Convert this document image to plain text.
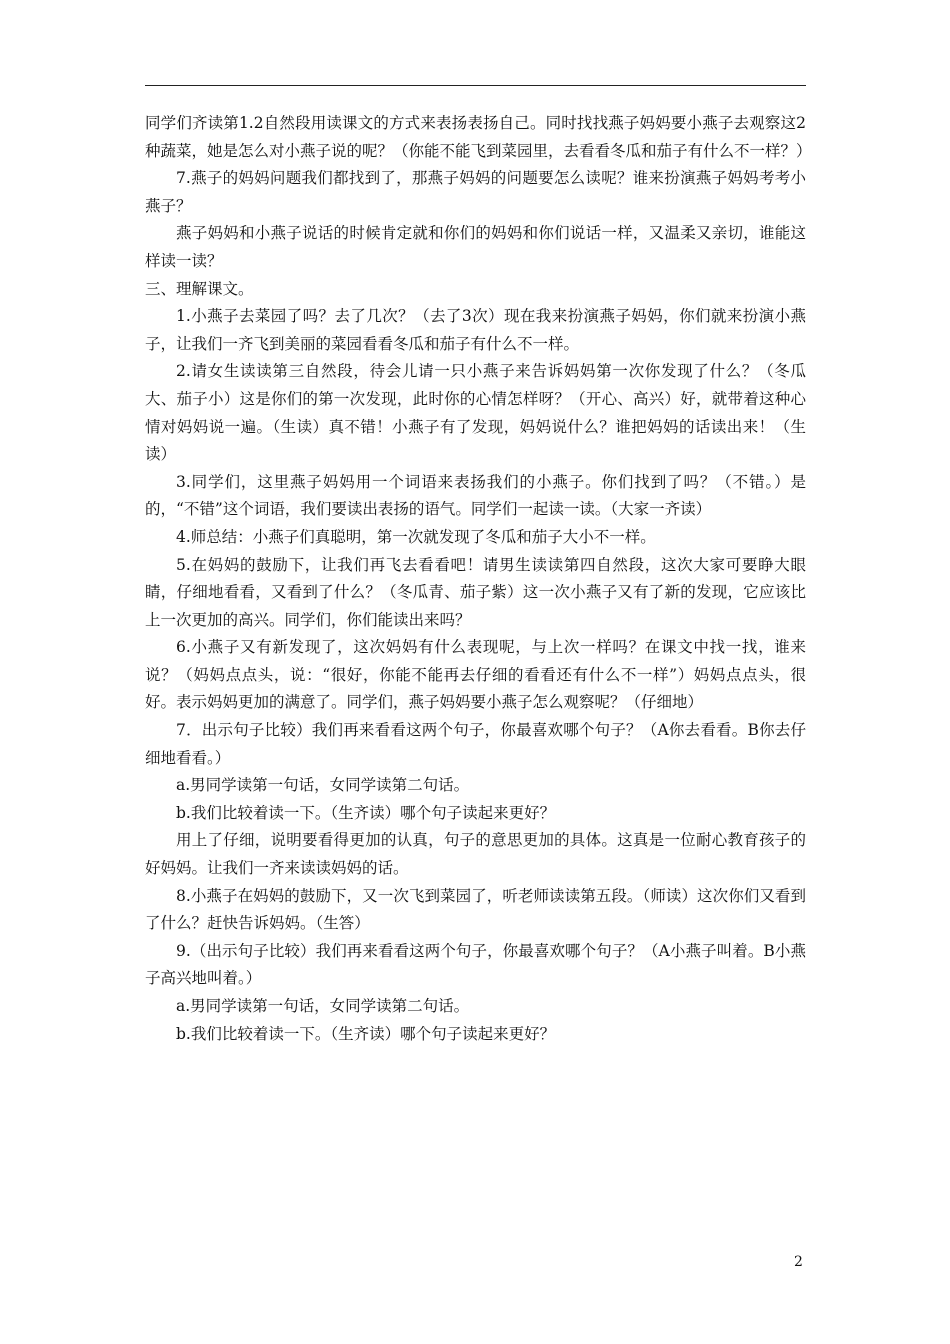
同学们齐读第1.2自然段用读课文的方式来表扬表扬自己。同时找找燕子妈妈要小燕子去观察这2种蔬菜，她是怎么对小燕子说的呢？（你能不能飞到菜园里，去看看冬瓜和茄子有什么不一样？）

7.燕子的妈妈问题我们都找到了，那燕子妈妈的问题要怎么读呢？谁来扮演燕子妈妈考考小燕子？

燕子妈妈和小燕子说话的时候肯定就和你们的妈妈和你们说话一样，又温柔又亲切，谁能这样读一读？

三、理解课文。

1.小燕子去菜园了吗？去了几次？（去了3次）现在我来扮演燕子妈妈，你们就来扮演小燕子，让我们一齐飞到美丽的菜园看看冬瓜和茄子有什么不一样。

2.请女生读读第三自然段，待会儿请一只小燕子来告诉妈妈第一次你发现了什么？（冬瓜大、茄子小）这是你们的第一次发现，此时你的心情怎样呀？（开心、高兴）好，就带着这种心情对妈妈说一遍。（生读）真不错！小燕子有了发现，妈妈说什么？谁把妈妈的话读出来！（生读）

3.同学们，这里燕子妈妈用一个词语来表扬我们的小燕子。你们找到了吗？（不错。）是的，“不错”这个词语，我们要读出表扬的语气。同学们一起读一读。（大家一齐读）

4.师总结：小燕子们真聪明，第一次就发现了冬瓜和茄子大小不一样。

5.在妈妈的鼓励下，让我们再飞去看看吧！请男生读读第四自然段，这次大家可要睁大眼睛，仔细地看看，又看到了什么？（冬瓜青、茄子紫）这一次小燕子又有了新的发现，它应该比上一次更加的高兴。同学们，你们能读出来吗？

6.小燕子又有新发现了，这次妈妈有什么表现呢，与上次一样吗？在课文中找一找，谁来说？（妈妈点点头，说：“很好，你能不能再去仔细的看看还有什么不一样”）妈妈点点头，很好。表示妈妈更加的满意了。同学们，燕子妈妈要小燕子怎么观察呢？（仔细地）

7．出示句子比较）我们再来看看这两个句子，你最喜欢哪个句子？（A你去看看。B你去仔细地看看。）

a.男同学读第一句话，女同学读第二句话。

b.我们比较着读一下。（生齐读）哪个句子读起来更好？

用上了仔细，说明要看得更加的认真，句子的意思更加的具体。这真是一位耐心教育孩子的好妈妈。让我们一齐来读读妈妈的话。

8.小燕子在妈妈的鼓励下，又一次飞到菜园了，听老师读读第五段。（师读）这次你们又看到了什么？赶快告诉妈妈。（生答）

9.（出示句子比较）我们再来看看这两个句子，你最喜欢哪个句子？（A小燕子叫着。B小燕子高兴地叫着。）

a.男同学读第一句话，女同学读第二句话。

b.我们比较着读一下。（生齐读）哪个句子读起来更好？

2
